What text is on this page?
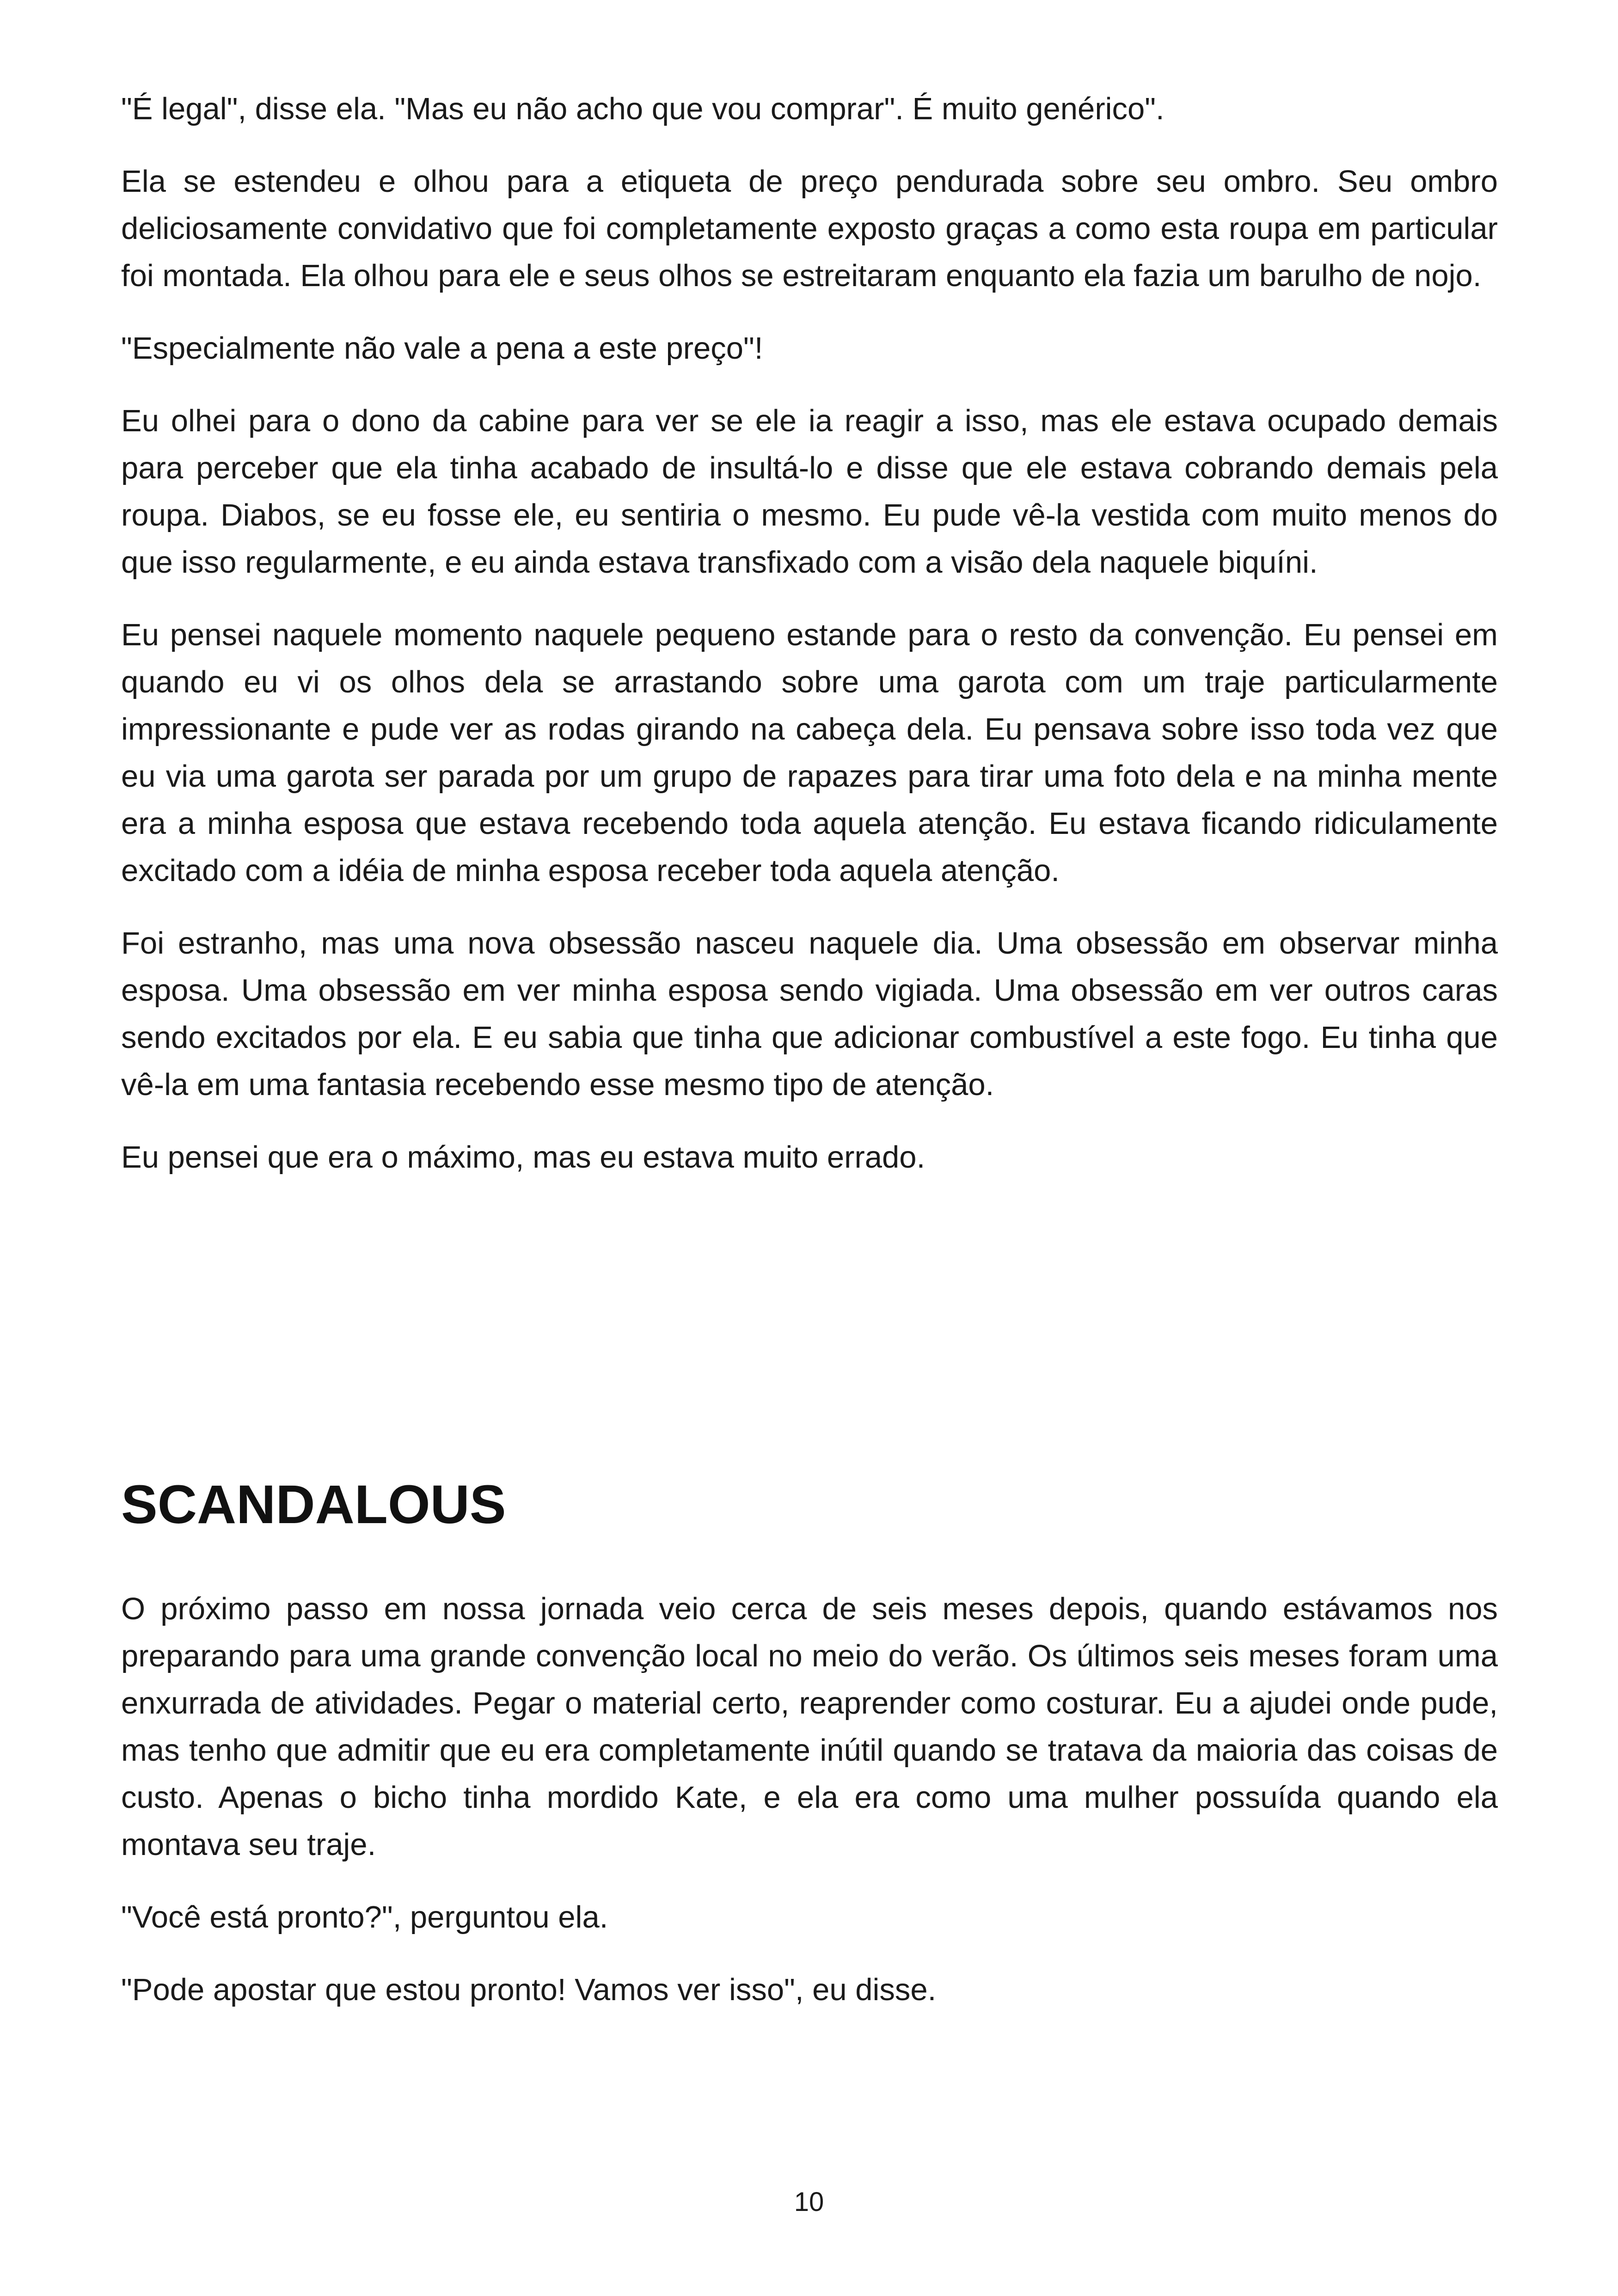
"É legal", disse ela. "Mas eu não acho que vou comprar". É muito genérico".

Ela se estendeu e olhou para a etiqueta de preço pendurada sobre seu ombro. Seu ombro deliciosamente convidativo que foi completamente exposto graças a como esta roupa em particular foi montada. Ela olhou para ele e seus olhos se estreitaram enquanto ela fazia um barulho de nojo.

"Especialmente não vale a pena a este preço"!

Eu olhei para o dono da cabine para ver se ele ia reagir a isso, mas ele estava ocupado demais para perceber que ela tinha acabado de insultá-lo e disse que ele estava cobrando demais pela roupa. Diabos, se eu fosse ele, eu sentiria o mesmo. Eu pude vê-la vestida com muito menos do que isso regularmente, e eu ainda estava transfixado com a visão dela naquele biquíni.

Eu pensei naquele momento naquele pequeno estande para o resto da convenção. Eu pensei em quando eu vi os olhos dela se arrastando sobre uma garota com um traje particularmente impressionante e pude ver as rodas girando na cabeça dela. Eu pensava sobre isso toda vez que eu via uma garota ser parada por um grupo de rapazes para tirar uma foto dela e na minha mente era a minha esposa que estava recebendo toda aquela atenção. Eu estava ficando ridiculamente excitado com a idéia de minha esposa receber toda aquela atenção.

Foi estranho, mas uma nova obsessão nasceu naquele dia. Uma obsessão em observar minha esposa. Uma obsessão em ver minha esposa sendo vigiada. Uma obsessão em ver outros caras sendo excitados por ela. E eu sabia que tinha que adicionar combustível a este fogo. Eu tinha que vê-la em uma fantasia recebendo esse mesmo tipo de atenção.

Eu pensei que era o máximo, mas eu estava muito errado.

SCANDALOUS

O próximo passo em nossa jornada veio cerca de seis meses depois, quando estávamos nos preparando para uma grande convenção local no meio do verão. Os últimos seis meses foram uma enxurrada de atividades. Pegar o material certo, reaprender como costurar. Eu a ajudei onde pude, mas tenho que admitir que eu era completamente inútil quando se tratava da maioria das coisas de custo. Apenas o bicho tinha mordido Kate, e ela era como uma mulher possuída quando ela montava seu traje.

"Você está pronto?", perguntou ela.

"Pode apostar que estou pronto! Vamos ver isso", eu disse.

10
